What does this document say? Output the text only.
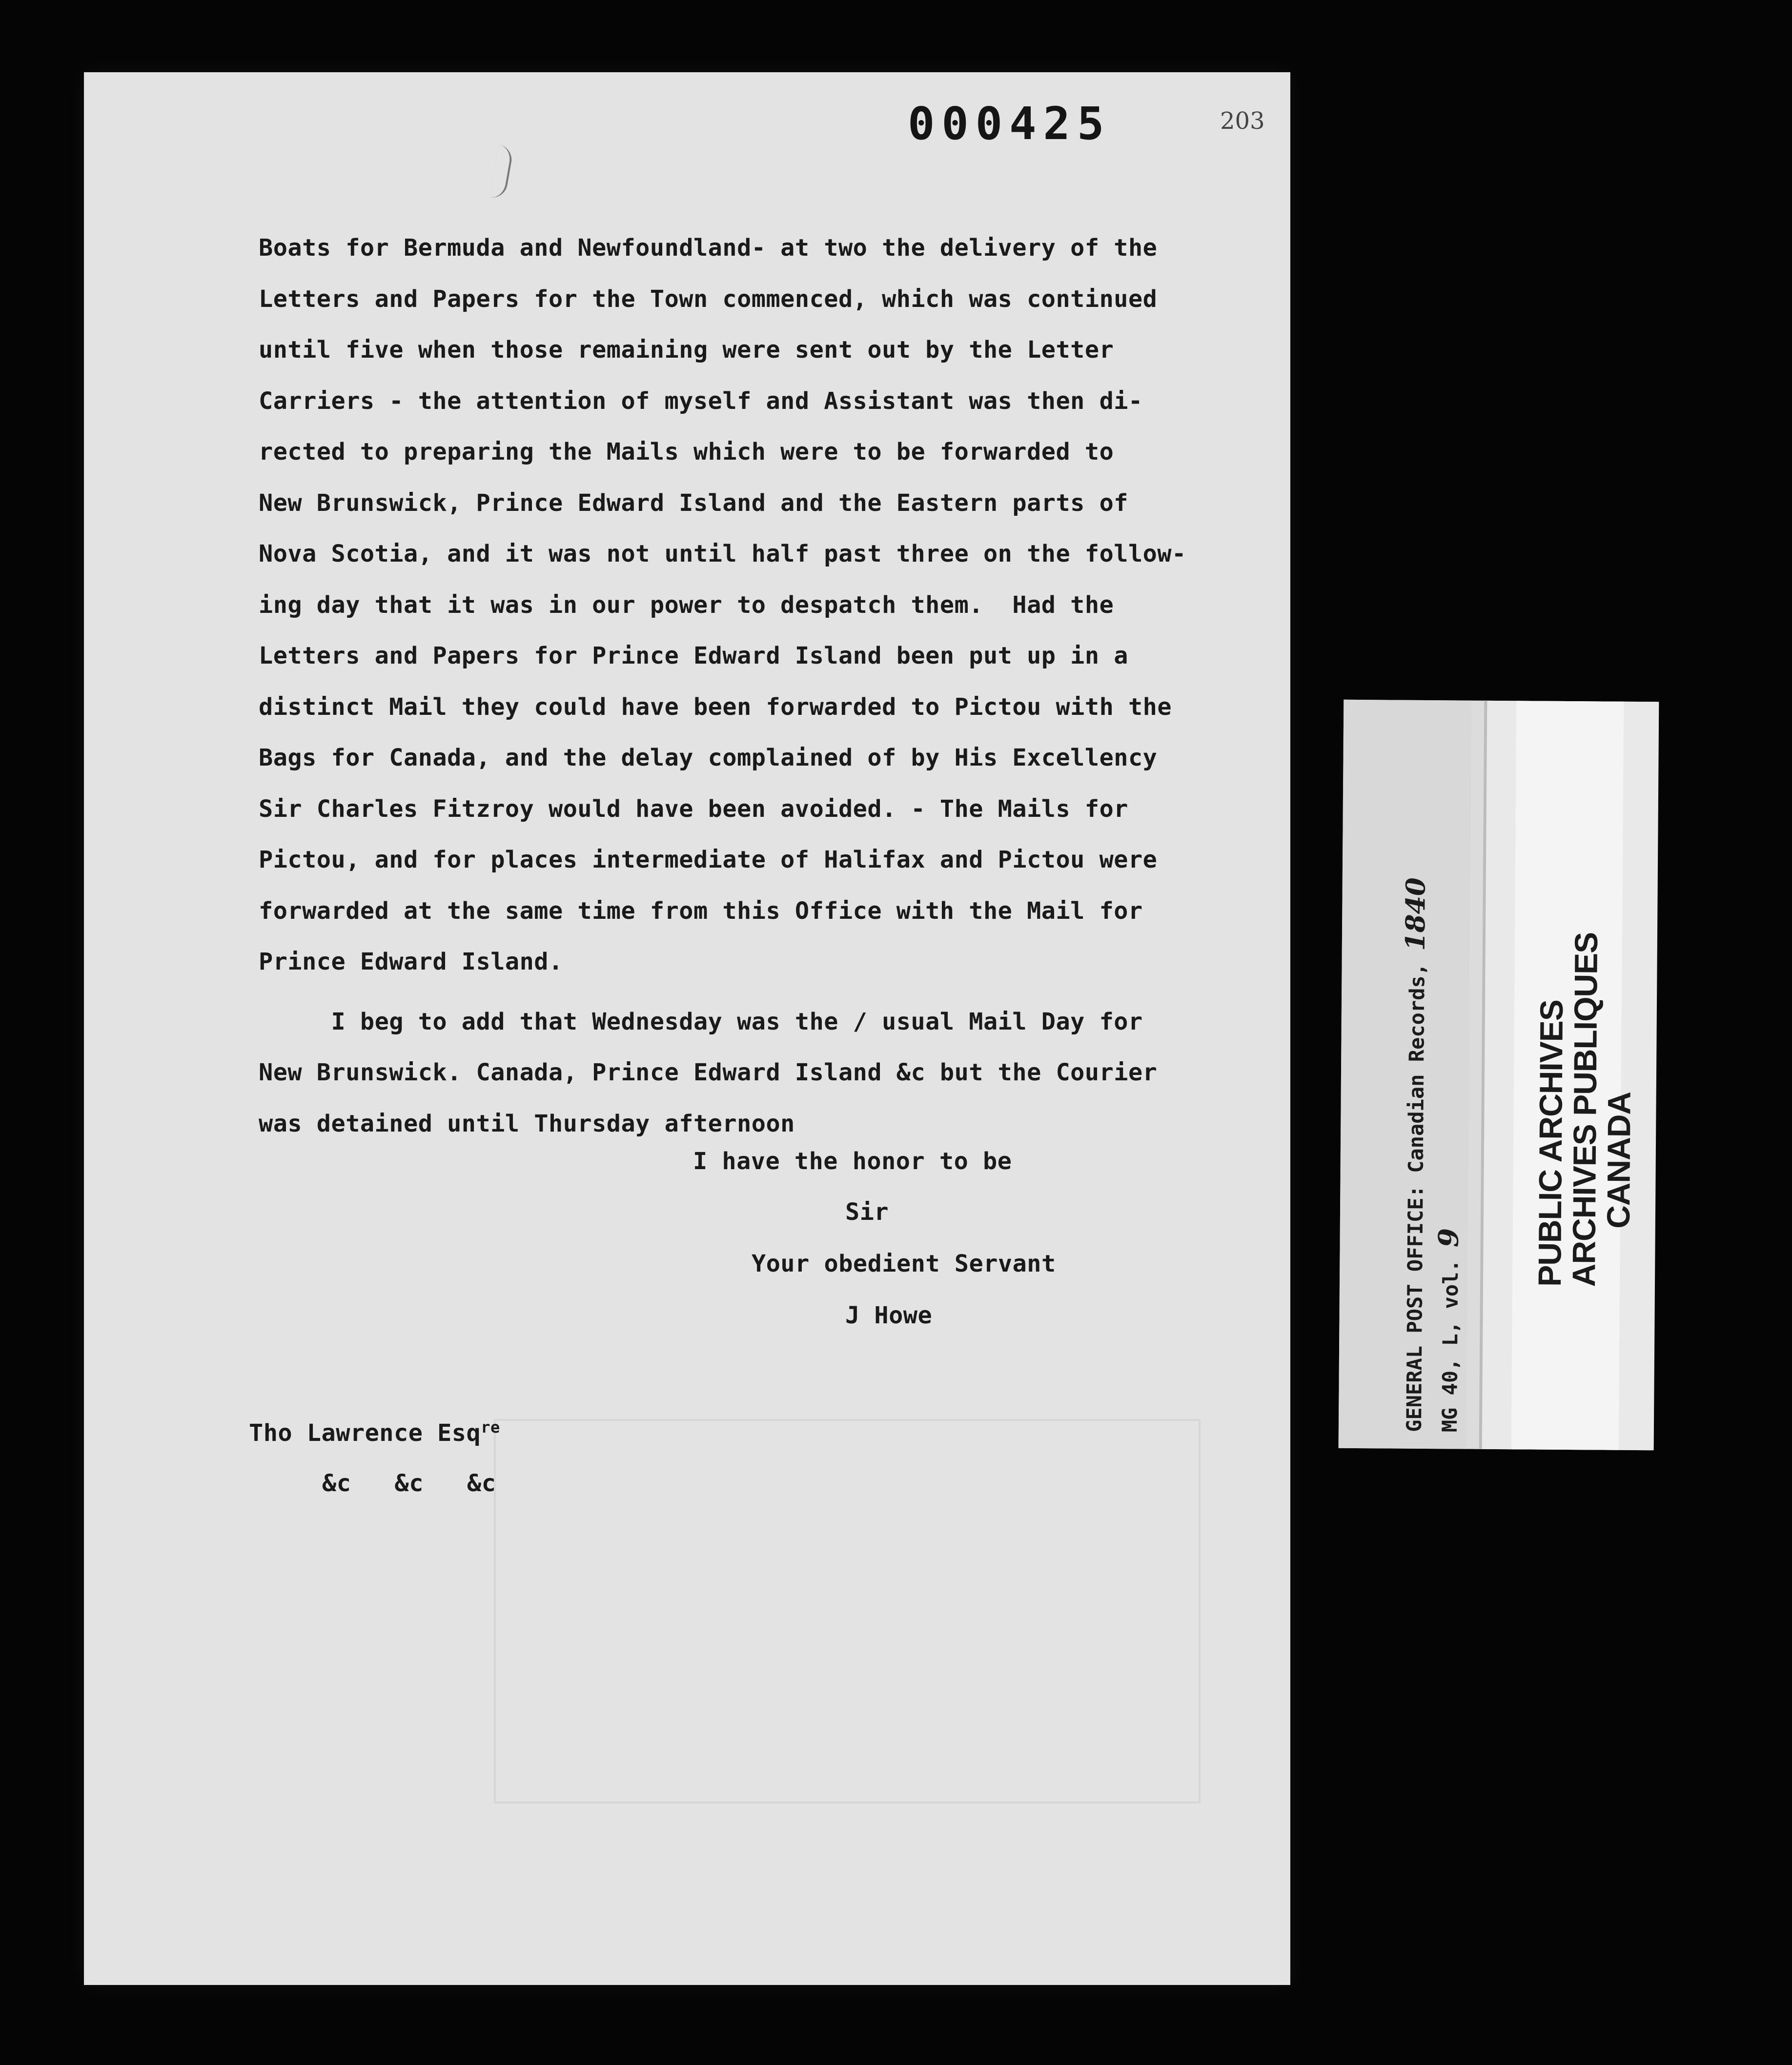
000425	203
Boats for Bermuda and Newfoundland- at two the delivery of the
Letters and Papers for the Town commenced, which was continued
until five when those remaining were sent out by the Letter
Carriers - the attention of myself and Assistant was then di-
rected to preparing the Mails which were to be forwarded to
New Brunswick, Prince Edward Island and the Eastern parts of
Nova Scotia, and it was not until half past three on the follow-
ing day that it was in our power to despatch them.  Had the
Letters and Papers for Prince Edward Island been put up in a
distinct Mail they could have been forwarded to Pictou with the
Bags for Canada, and the delay complained of by His Excellency
Sir Charles Fitzroy would have been avoided. - The Mails for
Pictou, and for places intermediate of Halifax and Pictou were
forwarded at the same time from this Office with the Mail for
Prince Edward Island.
I beg to add that Wednesday was the / usual Mail Day for
New Brunswick. Canada, Prince Edward Island &c but the Courier
was detained until Thursday afternoon
I have the honor to be
Sir
Your obedient Servant
J Howe
Tho Lawrence Esq$^{re}$
&c   &c   &c
GENERAL POST OFFICE: Canadian Records, 1840
MG 40, L, vol. 9 PUBLIC ARCHIVES
ARCHIVES PUBLIQUES
CANADA
